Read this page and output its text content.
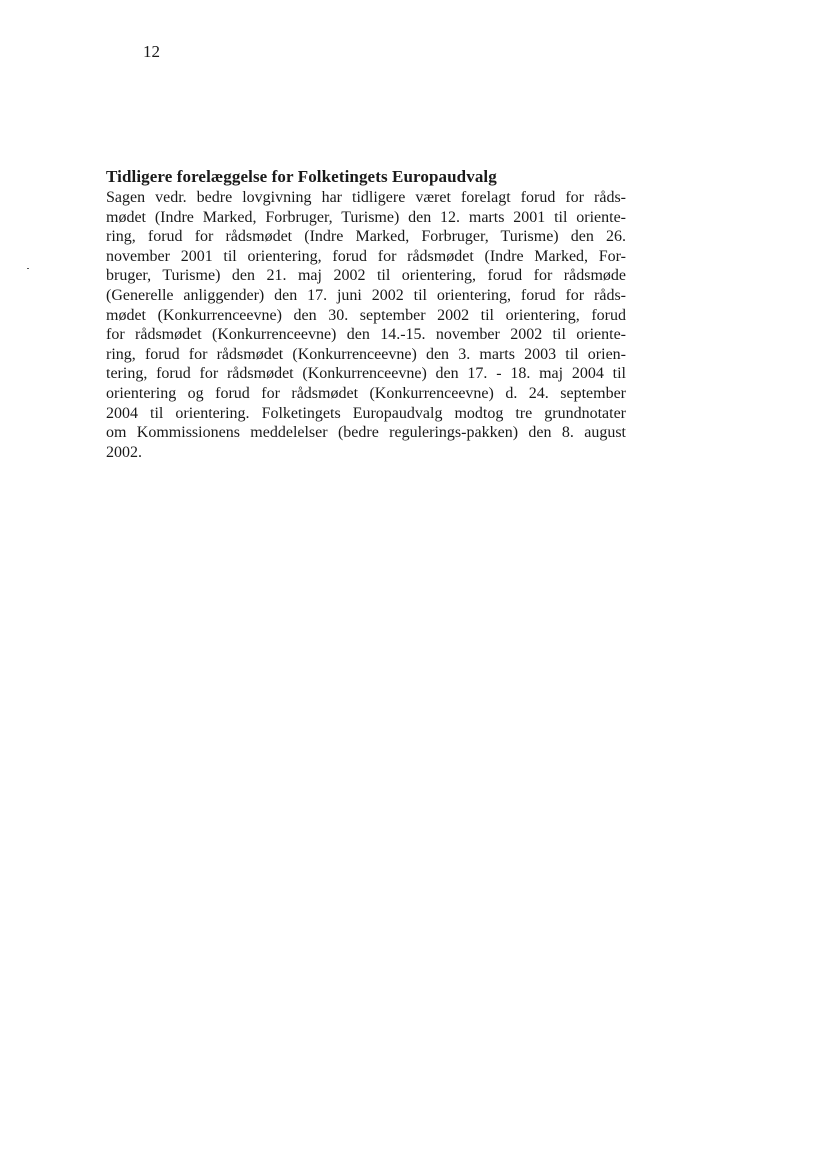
12
Tidligere forelæggelse for Folketingets Europaudvalg

Sagen vedr. bedre lovgivning har tidligere været forelagt forud for råds-
mødet (Indre Marked, Forbruger, Turisme) den 12. marts 2001 til oriente-
ring, forud for rådsmødet (Indre Marked, Forbruger, Turisme) den 26.
november 2001 til orientering, forud for rådsmødet (Indre Marked, For-
bruger, Turisme) den 21. maj 2002 til orientering, forud for rådsmøde
(Generelle anliggender) den 17. juni 2002 til orientering, forud for råds-
mødet (Konkurrenceevne) den 30. september 2002 til orientering, forud
for rådsmødet (Konkurrenceevne) den 14.-15. november 2002 til oriente-
ring, forud for rådsmødet (Konkurrenceevne) den 3. marts 2003 til orien-
tering, forud for rådsmødet (Konkurrenceevne) den 17. - 18. maj 2004 til
orientering og forud for rådsmødet (Konkurrenceevne) d. 24. september
2004 til orientering. Folketingets Europaudvalg modtog tre grundnotater
om Kommissionens meddelelser (bedre regulerings-pakken) den 8. august
2002.
